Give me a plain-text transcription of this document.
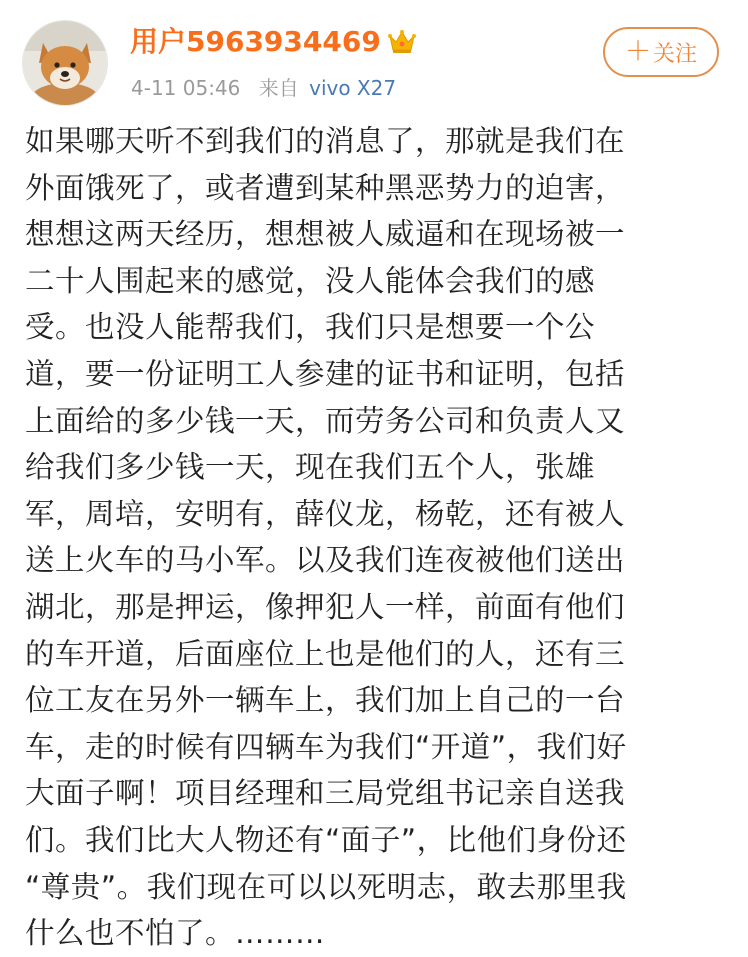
用户5963934469
4-11 05:46 来自 vivo X27
＋ 关注
如果哪天听不到我们的消息了，那就是我们在
外面饿死了，或者遭到某种黑恶势力的迫害，
想想这两天经历，想想被人威逼和在现场被一
二十人围起来的感觉，没人能体会我们的感
受。也没人能帮我们，我们只是想要一个公
道，要一份证明工人参建的证书和证明，包括
上面给的多少钱一天，而劳务公司和负责人又
给我们多少钱一天，现在我们五个人，张雄
军，周培，安明有，薛仪龙，杨乾，还有被人
送上火车的马小军。以及我们连夜被他们送出
湖北，那是押运，像押犯人一样，前面有他们
的车开道，后面座位上也是他们的人，还有三
位工友在另外一辆车上，我们加上自己的一台
车，走的时候有四辆车为我们“开道”，我们好
大面子啊！项目经理和三局党组书记亲自送我
们。我们比大人物还有“面子”，比他们身份还
“尊贵”。我们现在可以以死明志，敢去那里我
什么也不怕了。………
